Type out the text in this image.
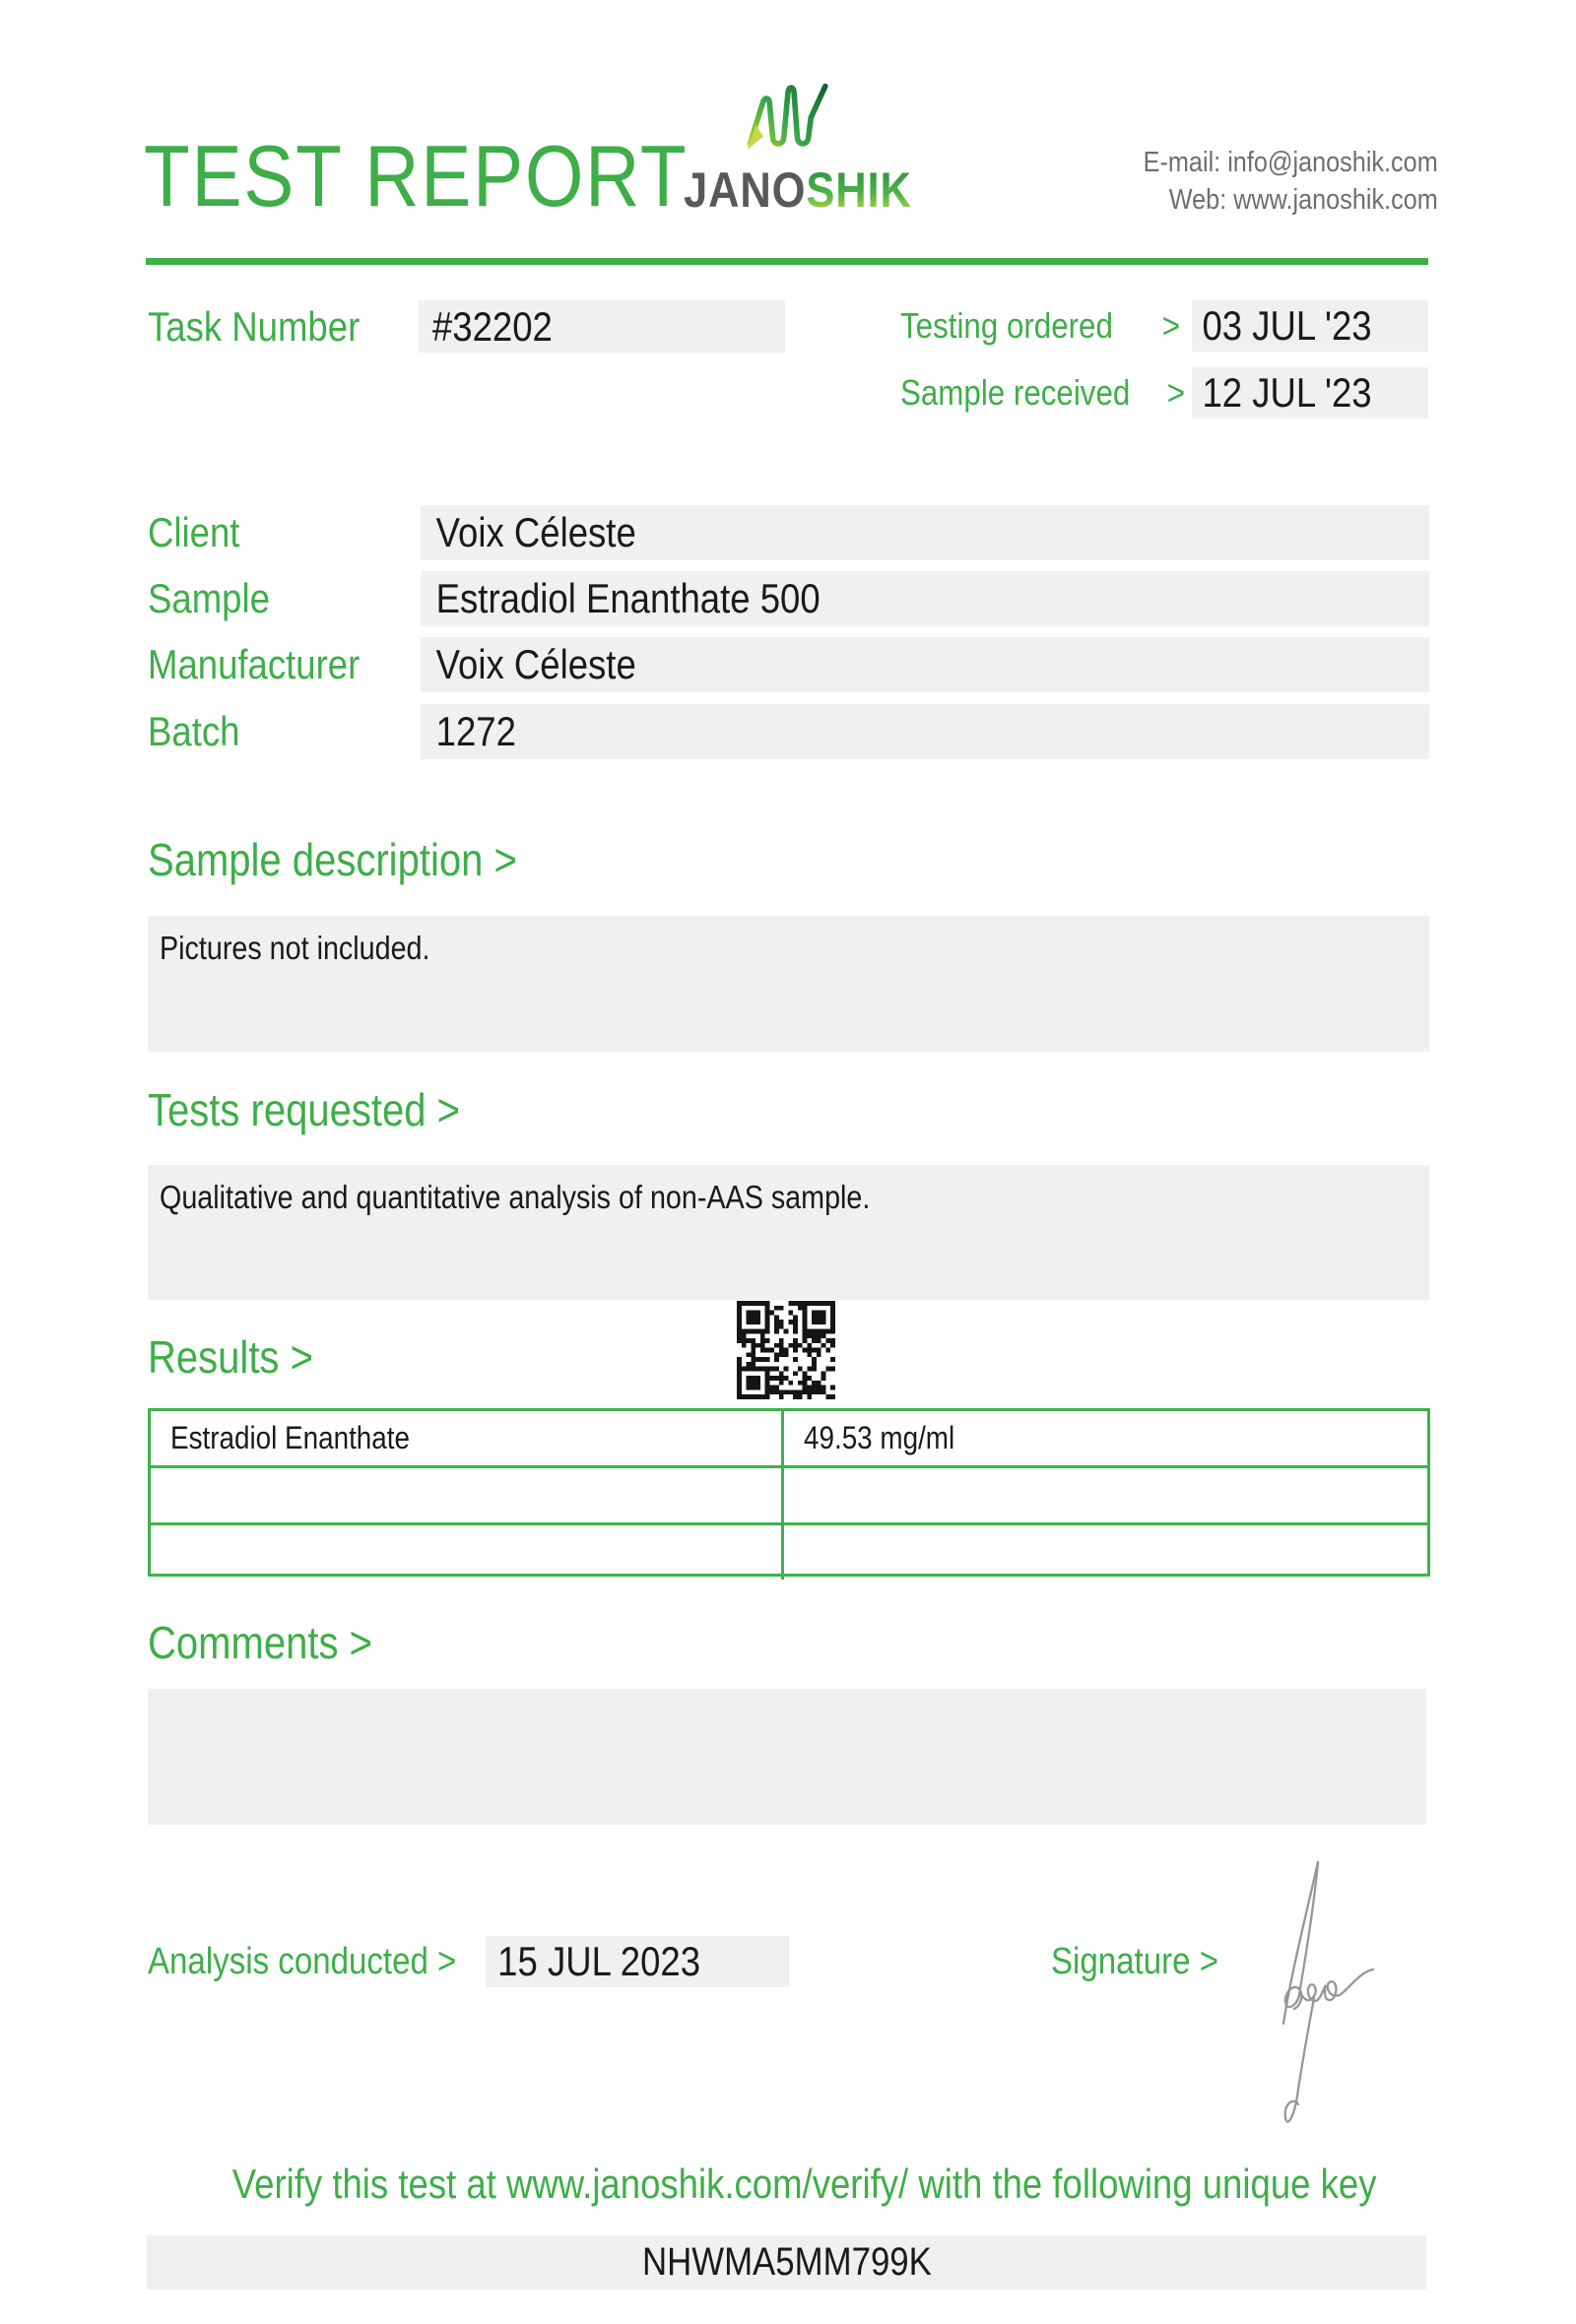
TEST REPORT
JANOSHIK	E-mail: info@janoshik.com
Web: www.janoshik.com
Task Number	#32202	Testing ordered > 03 JUL '23
Sample received > 12 JUL '23
Client	Voix Céleste
Sample	Estradiol Enanthate 500
Manufacturer	Voix Céleste
Batch	1272
Sample description >
Pictures not included.
Tests requested >
Qualitative and quantitative analysis of non-AAS sample.
Results >
Estradiol Enanthate	49.53 mg/ml
Comments >
Analysis conducted > 15 JUL 2023	Signature >
Verify this test at www.janoshik.com/verify/ with the following unique key
NHWMA5MM799K
